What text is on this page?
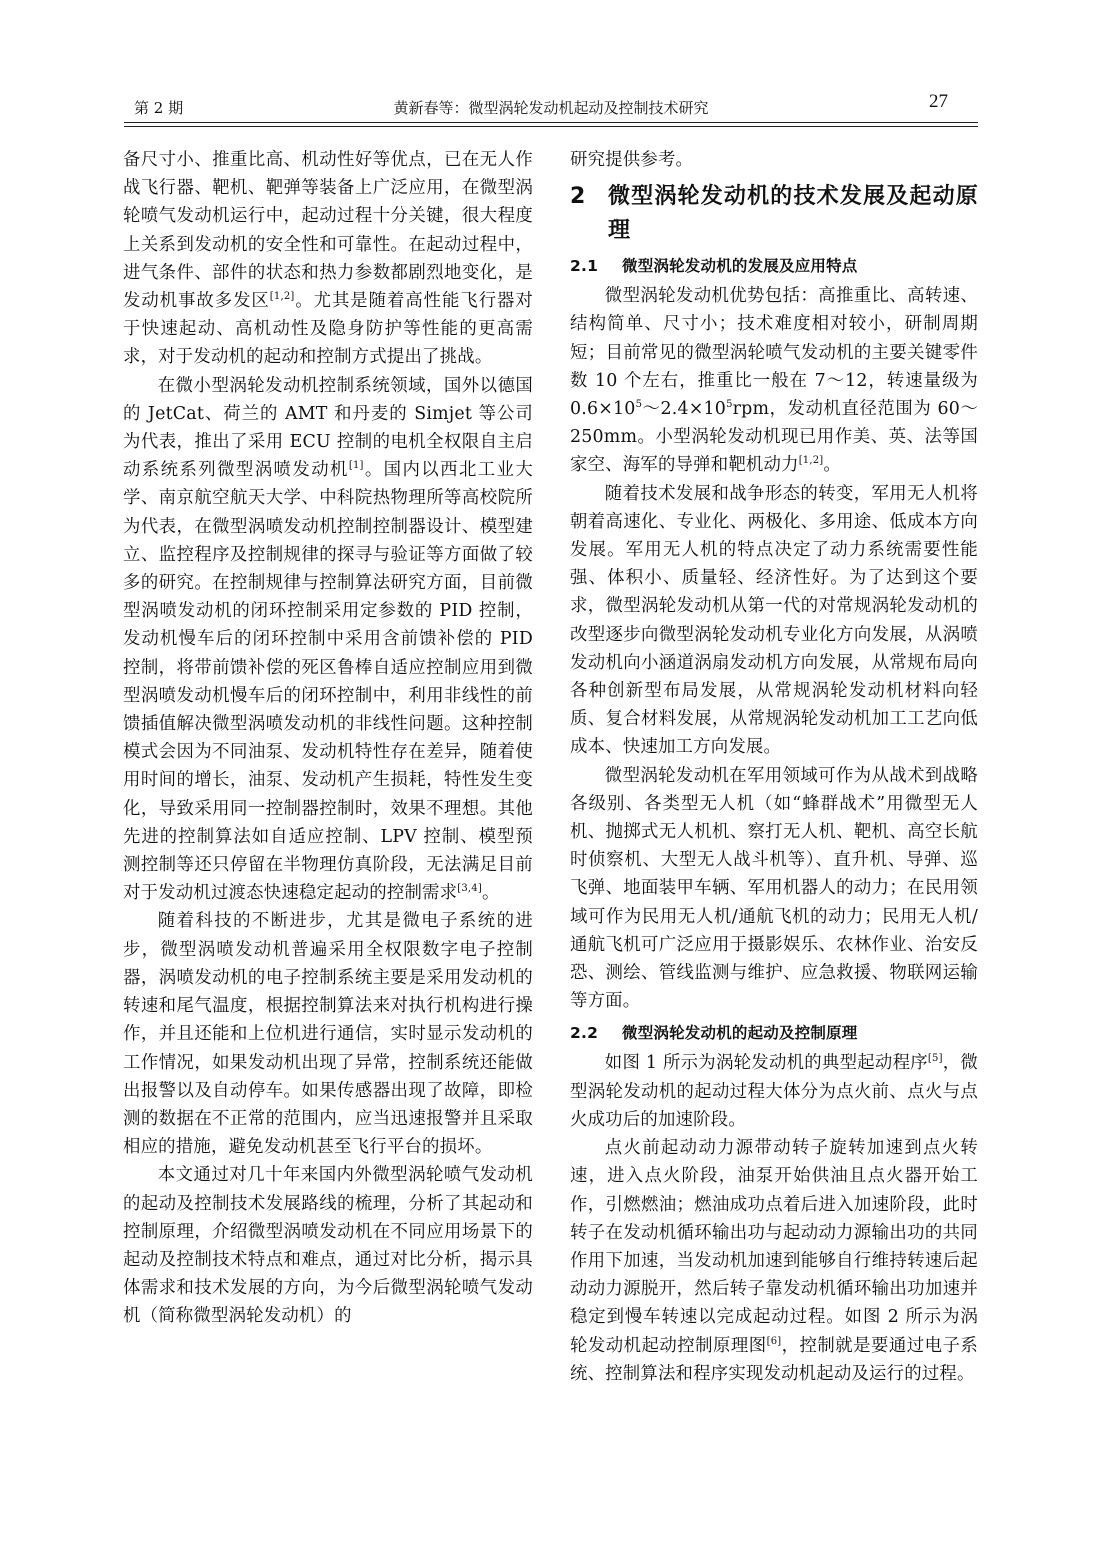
第 2 期	黄新春等：微型涡轮发动机起动及控制技术研究	27

备尺寸小、推重比高、机动性好等优点，已在无人作战飞行器、靶机、靶弹等装备上广泛应用，在微型涡轮喷气发动机运行中，起动过程十分关键，很大程度上关系到发动机的安全性和可靠性。在起动过程中，进气条件、部件的状态和热力参数都剧烈地变化，是发动机事故多发区[1,2]。尤其是随着高性能飞行器对于快速起动、高机动性及隐身防护等性能的更高需求，对于发动机的起动和控制方式提出了挑战。

在微小型涡轮发动机控制系统领域，国外以德国的 JetCat、荷兰的 AMT 和丹麦的 Simjet 等公司为代表，推出了采用 ECU 控制的电机全权限自主启动系统系列微型涡喷发动机[1]。国内以西北工业大学、南京航空航天大学、中科院热物理所等高校院所为代表，在微型涡喷发动机控制控制器设计、模型建立、监控程序及控制规律的探寻与验证等方面做了较多的研究。在控制规律与控制算法研究方面，目前微型涡喷发动机的闭环控制采用定参数的 PID 控制，发动机慢车后的闭环控制中采用含前馈补偿的 PID 控制，将带前馈补偿的死区鲁棒自适应控制应用到微型涡喷发动机慢车后的闭环控制中，利用非线性的前馈插值解决微型涡喷发动机的非线性问题。这种控制模式会因为不同油泵、发动机特性存在差异，随着使用时间的增长，油泵、发动机产生损耗，特性发生变化，导致采用同一控制器控制时，效果不理想。其他先进的控制算法如自适应控制、LPV 控制、模型预测控制等还只停留在半物理仿真阶段，无法满足目前对于发动机过渡态快速稳定起动的控制需求[3,4]。

随着科技的不断进步，尤其是微电子系统的进步，微型涡喷发动机普遍采用全权限数字电子控制器，涡喷发动机的电子控制系统主要是采用发动机的转速和尾气温度，根据控制算法来对执行机构进行操作，并且还能和上位机进行通信，实时显示发动机的工作情况，如果发动机出现了异常，控制系统还能做出报警以及自动停车。如果传感器出现了故障，即检测的数据在不正常的范围内，应当迅速报警并且采取相应的措施，避免发动机甚至飞行平台的损坏。

本文通过对几十年来国内外微型涡轮喷气发动机的起动及控制技术发展路线的梳理，分析了其起动和控制原理，介绍微型涡喷发动机在不同应用场景下的起动及控制技术特点和难点，通过对比分析，揭示具体需求和技术发展的方向，为今后微型涡轮喷气发动机（简称微型涡轮发动机）的

研究提供参考。

2	微型涡轮发动机的技术发展及起动原理
2.1	微型涡轮发动机的发展及应用特点

微型涡轮发动机优势包括：高推重比、高转速、结构简单、尺寸小；技术难度相对较小，研制周期短；目前常见的微型涡轮喷气发动机的主要关键零件数 10 个左右，推重比一般在 7～12，转速量级为 $0.6\times 10^5\sim 2.4\times 10^5rpm$，发动机直径范围为 60～250mm。小型涡轮发动机现已用作美、英、法等国家空、海军的导弹和靶机动力[1,2]。

随着技术发展和战争形态的转变，军用无人机将朝着高速化、专业化、两极化、多用途、低成本方向发展。军用无人机的特点决定了动力系统需要性能强、体积小、质量轻、经济性好。为了达到这个要求，微型涡轮发动机从第一代的对常规涡轮发动机的改型逐步向微型涡轮发动机专业化方向发展，从涡喷发动机向小涵道涡扇发动机方向发展，从常规布局向各种创新型布局发展，从常规涡轮发动机材料向轻质、复合材料发展，从常规涡轮发动机加工工艺向低成本、快速加工方向发展。

微型涡轮发动机在军用领域可作为从战术到战略各级别、各类型无人机（如“蜂群战术”用微型无人机、抛掷式无人机机、察打无人机、靶机、高空长航时侦察机、大型无人战斗机等）、直升机、导弹、巡飞弹、地面装甲车辆、军用机器人的动力；在民用领域可作为民用无人机/通航飞机的动力；民用无人机/通航飞机可广泛应用于摄影娱乐、农林作业、治安反恐、测绘、管线监测与维护、应急救援、物联网运输等方面。

2.2	微型涡轮发动机的起动及控制原理

如图 1 所示为涡轮发动机的典型起动程序[5]，微型涡轮发动机的起动过程大体分为点火前、点火与点火成功后的加速阶段。

点火前起动动力源带动转子旋转加速到点火转速，进入点火阶段，油泵开始供油且点火器开始工作，引燃燃油；燃油成功点着后进入加速阶段，此时转子在发动机循环输出功与起动动力源输出功的共同作用下加速，当发动机加速到能够自行维持转速后起动动力源脱开，然后转子靠发动机循环输出功加速并稳定到慢车转速以完成起动过程。如图 2 所示为涡轮发动机起动控制原理图[6]，控制就是要通过电子系统、控制算法和程序实现发动机起动及运行的过程。
